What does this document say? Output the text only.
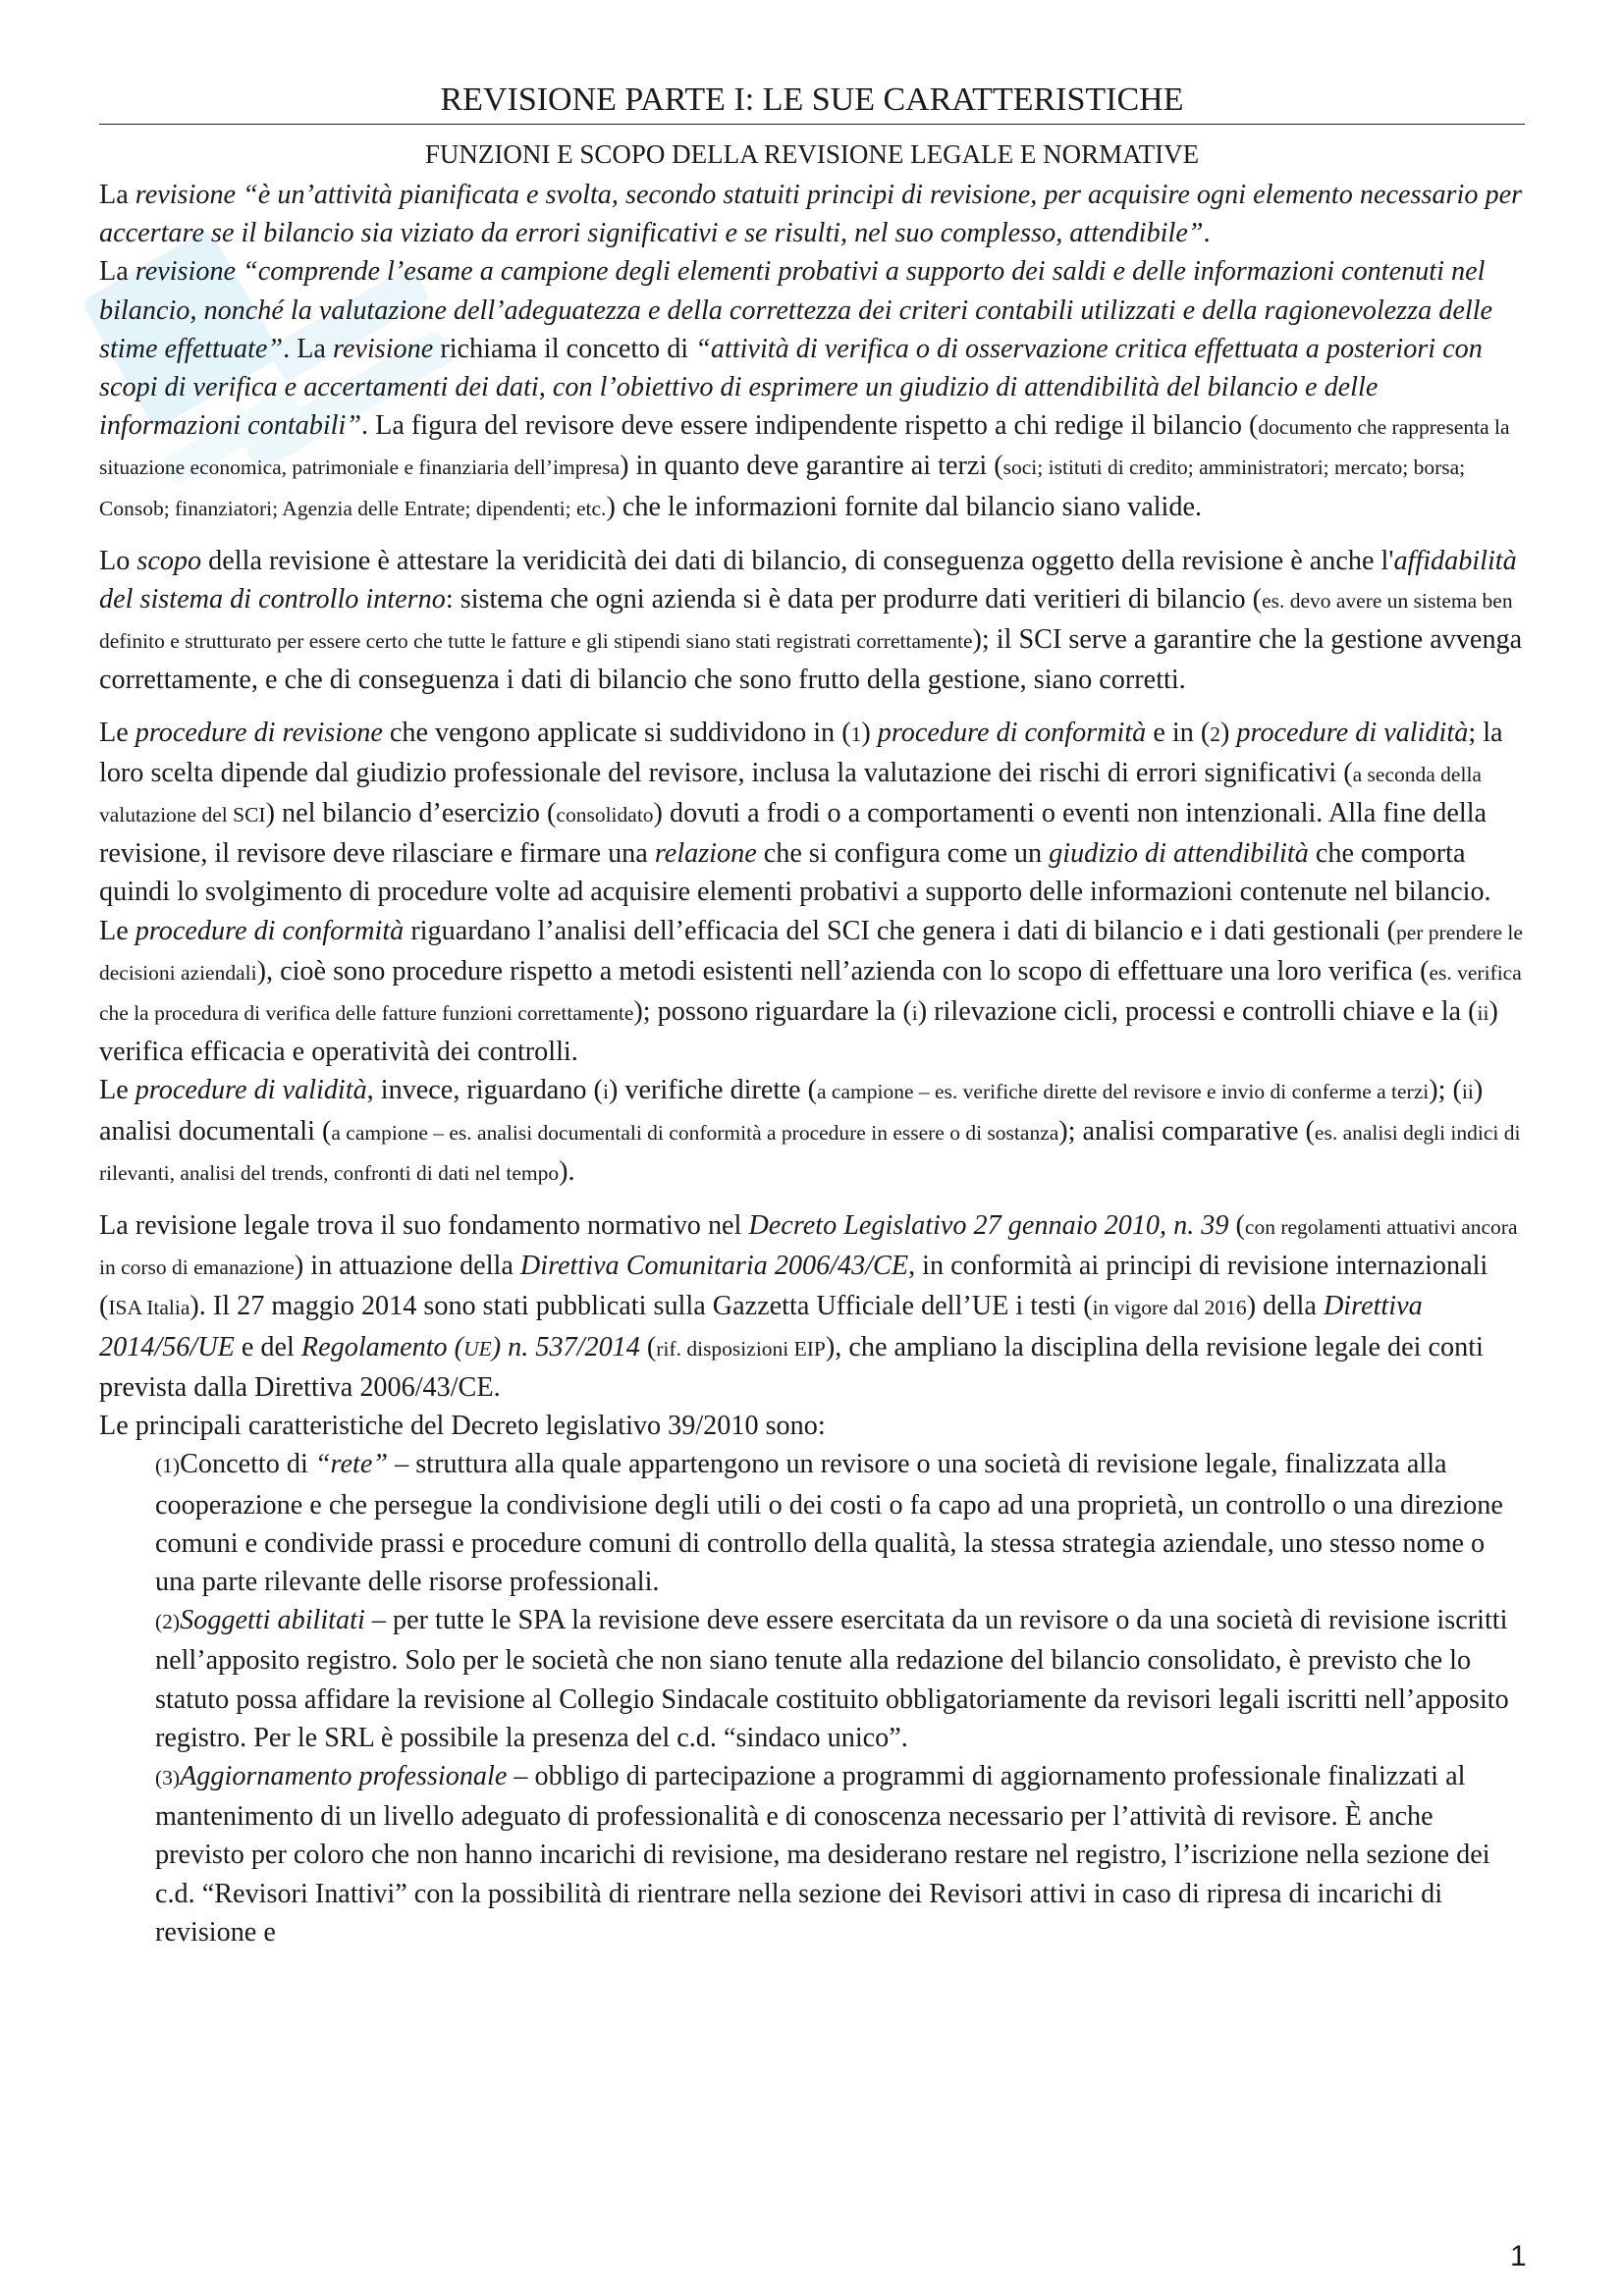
REVISIONE PARTE I: LE SUE CARATTERISTICHE
FUNZIONI E SCOPO DELLA REVISIONE LEGALE E NORMATIVE

La revisione “è un’attività pianificata e svolta, secondo statuiti principi di revisione, per acquisire ogni elemento necessario per accertare se il bilancio sia viziato da errori significativi e se risulti, nel suo complesso, attendibile”.

La revisione “comprende l’esame a campione degli elementi probativi a supporto dei saldi e delle informazioni contenuti nel bilancio, nonché la valutazione dell’adeguatezza e della correttezza dei criteri contabili utilizzati e della ragionevolezza delle stime effettuate”. La revisione richiama il concetto di “attività di verifica o di osservazione critica effettuata a posteriori con scopi di verifica e accertamenti dei dati, con l’obiettivo di esprimere un giudizio di attendibilità del bilancio e delle informazioni contabili”. La figura del revisore deve essere indipendente rispetto a chi redige il bilancio (documento che rappresenta la situazione economica, patrimoniale e finanziaria dell’impresa) in quanto deve garantire ai terzi (soci; istituti di credito; amministratori; mercato; borsa; Consob; finanziatori; Agenzia delle Entrate; dipendenti; etc.) che le informazioni fornite dal bilancio siano valide.

Lo scopo della revisione è attestare la veridicità dei dati di bilancio, di conseguenza oggetto della revisione è anche l'affidabilità del sistema di controllo interno: sistema che ogni azienda si è data per produrre dati veritieri di bilancio (es. devo avere un sistema ben definito e strutturato per essere certo che tutte le fatture e gli stipendi siano stati registrati correttamente); il SCI serve a garantire che la gestione avvenga correttamente, e che di conseguenza i dati di bilancio che sono frutto della gestione, siano corretti.

Le procedure di revisione che vengono applicate si suddividono in (1) procedure di conformità e in (2) procedure di validità; la loro scelta dipende dal giudizio professionale del revisore, inclusa la valutazione dei rischi di errori significativi (a seconda della valutazione del SCI) nel bilancio d’esercizio (consolidato) dovuti a frodi o a comportamenti o eventi non intenzionali. Alla fine della revisione, il revisore deve rilasciare e firmare una relazione che si configura come un giudizio di attendibilità che comporta quindi lo svolgimento di procedure volte ad acquisire elementi probativi a supporto delle informazioni contenute nel bilancio.

Le procedure di conformità riguardano l’analisi dell’efficacia del SCI che genera i dati di bilancio e i dati gestionali (per prendere le decisioni aziendali), cioè sono procedure rispetto a metodi esistenti nell’azienda con lo scopo di effettuare una loro verifica (es. verifica che la procedura di verifica delle fatture funzioni correttamente); possono riguardare la (i) rilevazione cicli, processi e controlli chiave e la (ii) verifica efficacia e operatività dei controlli.

Le procedure di validità, invece, riguardano (i) verifiche dirette (a campione – es. verifiche dirette del revisore e invio di conferme a terzi); (ii) analisi documentali (a campione – es. analisi documentali di conformità a procedure in essere o di sostanza); analisi comparative (es. analisi degli indici di rilevanti, analisi del trends, confronti di dati nel tempo).

La revisione legale trova il suo fondamento normativo nel Decreto Legislativo 27 gennaio 2010, n. 39 (con regolamenti attuativi ancora in corso di emanazione) in attuazione della Direttiva Comunitaria 2006/43/CE, in conformità ai principi di revisione internazionali (ISA Italia). Il 27 maggio 2014 sono stati pubblicati sulla Gazzetta Ufficiale dell’UE i testi (in vigore dal 2016) della Direttiva 2014/56/UE e del Regolamento (UE) n. 537/2014 (rif. disposizioni EIP), che ampliano la disciplina della revisione legale dei conti prevista dalla Direttiva 2006/43/CE.

Le principali caratteristiche del Decreto legislativo 39/2010 sono:

(1)Concetto di “rete” – struttura alla quale appartengono un revisore o una società di revisione legale, finalizzata alla cooperazione e che persegue la condivisione degli utili o dei costi o fa capo ad una proprietà, un controllo o una direzione comuni e condivide prassi e procedure comuni di controllo della qualità, la stessa strategia aziendale, uno stesso nome o una parte rilevante delle risorse professionali.
(2)Soggetti abilitati – per tutte le SPA la revisione deve essere esercitata da un revisore o da una società di revisione iscritti nell’apposito registro. Solo per le società che non siano tenute alla redazione del bilancio consolidato, è previsto che lo statuto possa affidare la revisione al Collegio Sindacale costituito obbligatoriamente da revisori legali iscritti nell’apposito registro. Per le SRL è possibile la presenza del c.d. “sindaco unico”.
(3)Aggiornamento professionale – obbligo di partecipazione a programmi di aggiornamento professionale finalizzati al mantenimento di un livello adeguato di professionalità e di conoscenza necessario per l’attività di revisore. È anche previsto per coloro che non hanno incarichi di revisione, ma desiderano restare nel registro, l’iscrizione nella sezione dei c.d. “Revisori Inattivi” con la possibilità di rientrare nella sezione dei Revisori attivi in caso di ripresa di incarichi di revisione e
1
